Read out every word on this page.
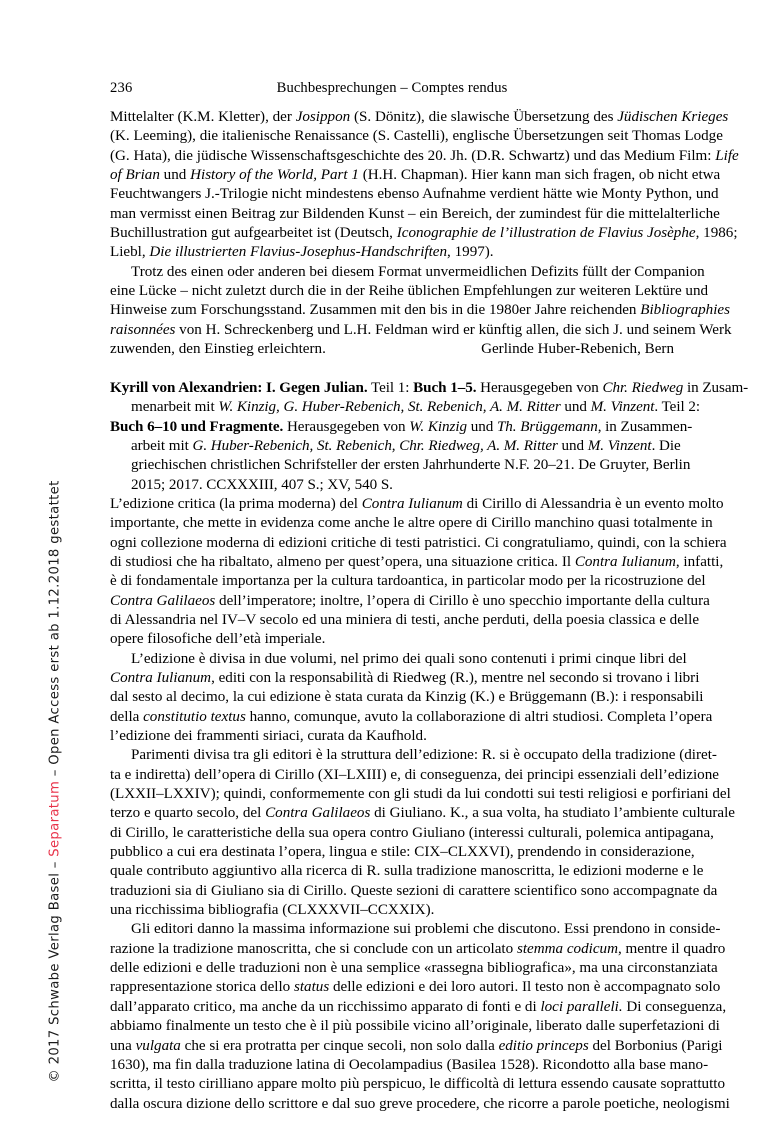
© 2017 Schwabe Verlag Basel – Separatum – Open Access erst ab 1.12.2018 gestattet
236	Buchbesprechungen – Comptes rendus
Mittelalter (K.M. Kletter), der Josippon (S. Dönitz), die slawische Übersetzung des Jüdischen Krieges
(K. Leeming), die italienische Renaissance (S. Castelli), englische Übersetzungen seit Thomas Lodge
(G. Hata), die jüdische Wissenschaftsgeschichte des 20. Jh. (D.R. Schwartz) und das Medium Film: Life
of Brian und History of the World, Part 1 (H.H. Chapman). Hier kann man sich fragen, ob nicht etwa
Feuchtwangers J.-Trilogie nicht mindestens ebenso Aufnahme verdient hätte wie Monty Python, und
man vermisst einen Beitrag zur Bildenden Kunst – ein Bereich, der zumindest für die mittelalterliche
Buchillustration gut aufgearbeitet ist (Deutsch, Iconographie de l’illustration de Flavius Josèphe, 1986;
Liebl, Die illustrierten Flavius-Josephus-Handschriften, 1997).
Trotz des einen oder anderen bei diesem Format unvermeidlichen Defizits füllt der Companion
eine Lücke – nicht zuletzt durch die in der Reihe üblichen Empfehlungen zur weiteren Lektüre und
Hinweise zum Forschungsstand. Zusammen mit den bis in die 1980er Jahre reichenden Bibliographies
raisonnées von H. Schreckenberg und L.H. Feldman wird er künftig allen, die sich J. und seinem Werk
zuwenden, den Einstieg erleichtern.	Gerlinde Huber-Rebenich, Bern
Kyrill von Alexandrien: I. Gegen Julian. Teil 1: Buch 1–5. Herausgegeben von Chr. Riedweg in Zusam-
menarbeit mit W. Kinzig, G. Huber-Rebenich, St. Rebenich, A. M. Ritter und M. Vinzent. Teil 2:
Buch 6–10 und Fragmente. Herausgegeben von W. Kinzig und Th. Brüggemann, in Zusammen-
arbeit mit G. Huber-Rebenich, St. Rebenich, Chr. Riedweg, A. M. Ritter und M. Vinzent. Die
griechischen christlichen Schrifsteller der ersten Jahrhunderte N.F. 20–21. De Gruyter, Berlin
2015; 2017. CCXXXIII, 407 S.; XV, 540 S.
L’edizione critica (la prima moderna) del Contra Iulianum di Cirillo di Alessandria è un evento molto
importante, che mette in evidenza come anche le altre opere di Cirillo manchino quasi totalmente in
ogni collezione moderna di edizioni critiche di testi patristici. Ci congratuliamo, quindi, con la schiera
di studiosi che ha ribaltato, almeno per quest’opera, una situazione critica. Il Contra Iulianum, infatti,
è di fondamentale importanza per la cultura tardoantica, in particolar modo per la ricostruzione del
Contra Galilaeos dell’imperatore; inoltre, l’opera di Cirillo è uno specchio importante della cultura
di Alessandria nel IV–V secolo ed una miniera di testi, anche perduti, della poesia classica e delle
opere filosofiche dell’età imperiale.
L’edizione è divisa in due volumi, nel primo dei quali sono contenuti i primi cinque libri del
Contra Iulianum, editi con la responsabilità di Riedweg (R.), mentre nel secondo si trovano i libri
dal sesto al decimo, la cui edizione è stata curata da Kinzig (K.) e Brüggemann (B.): i responsabili
della constitutio textus hanno, comunque, avuto la collaborazione di altri studiosi. Completa l’opera
l’edizione dei frammenti siriaci, curata da Kaufhold.
Parimenti divisa tra gli editori è la struttura dell’edizione: R. si è occupato della tradizione (diret-
ta e indiretta) dell’opera di Cirillo (XI–LXIII) e, di conseguenza, dei principi essenziali dell’edizione
(LXXII–LXXIV); quindi, conformemente con gli studi da lui condotti sui testi religiosi e porfiriani del
terzo e quarto secolo, del Contra Galilaeos di Giuliano. K., a sua volta, ha studiato l’ambiente culturale
di Cirillo, le caratteristiche della sua opera contro Giuliano (interessi culturali, polemica antipagana,
pubblico a cui era destinata l’opera, lingua e stile: CIX–CLXXVI), prendendo in considerazione,
quale contributo aggiuntivo alla ricerca di R. sulla tradizione manoscritta, le edizioni moderne e le
traduzioni sia di Giuliano sia di Cirillo. Queste sezioni di carattere scientifico sono accompagnate da
una ricchissima bibliografia (CLXXXVII–CCXXIX).
Gli editori danno la massima informazione sui problemi che discutono. Essi prendono in conside-
razione la tradizione manoscritta, che si conclude con un articolato stemma codicum, mentre il quadro
delle edizioni e delle traduzioni non è una semplice «rassegna bibliografica», ma una circonstanziata
rappresentazione storica dello status delle edizioni e dei loro autori. Il testo non è accompagnato solo
dall’apparato critico, ma anche da un ricchissimo apparato di fonti e di loci paralleli. Di conseguenza,
abbiamo finalmente un testo che è il più possibile vicino all’originale, liberato dalle superfetazioni di
una vulgata che si era protratta per cinque secoli, non solo dalla editio princeps del Borbonius (Parigi
1630), ma fin dalla traduzione latina di Oecolampadius (Basilea 1528). Ricondotto alla base mano-
scritta, il testo cirilliano appare molto più perspicuo, le difficoltà di lettura essendo causate soprattutto
dalla oscura dizione dello scrittore e dal suo greve procedere, che ricorre a parole poetiche, neologismi
